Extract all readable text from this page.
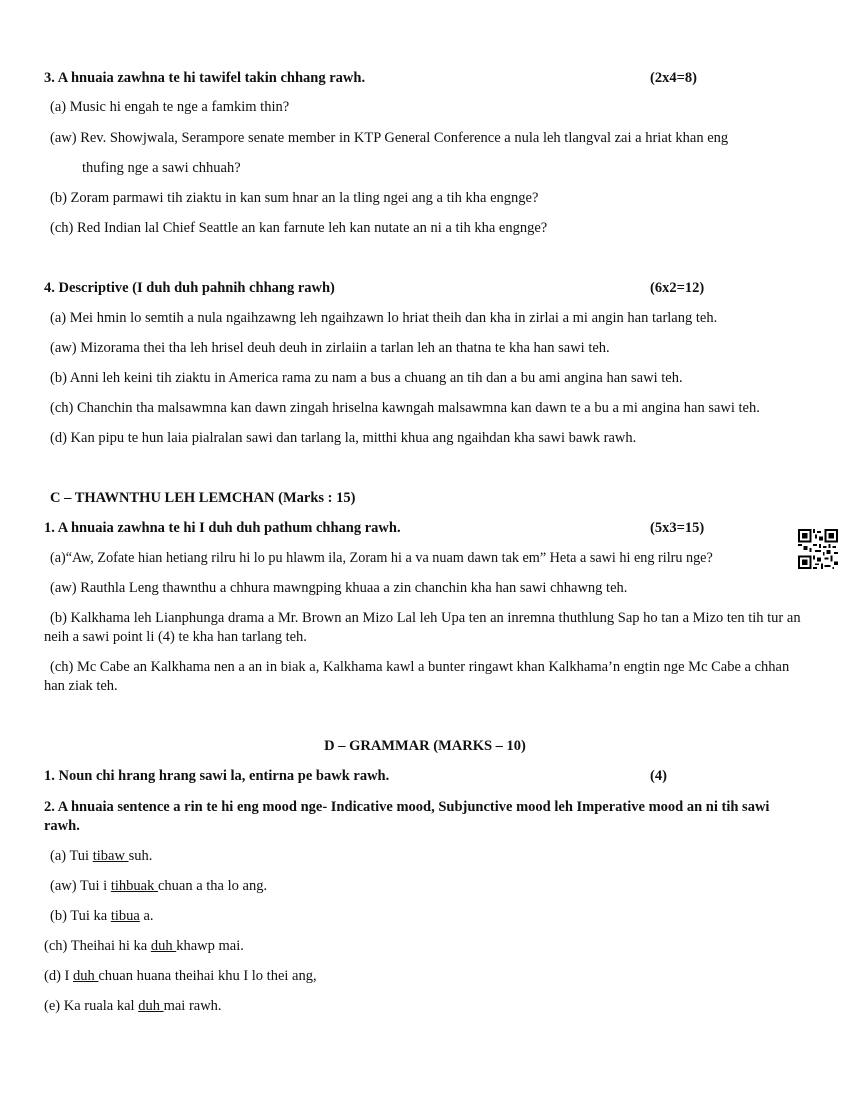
3. A hnuaia zawhna te hi tawifel takin chhang rawh.	(2x4=8)
(a) Music hi engah te nge a famkim thin?
(aw) Rev. Showjwala, Serampore senate member in KTP General Conference a nula leh tlangval zai a hriat khan eng
thufing nge a sawi chhuah?
(b) Zoram parmawi tih ziaktu in kan sum hnar an la tling ngei ang a tih kha engnge?
(ch) Red Indian lal Chief Seattle an kan farnute leh kan nutate an ni a tih kha engnge?
4. Descriptive (I duh duh pahnih chhang rawh)	(6x2=12)
(a) Mei hmin lo semtih a nula ngaihzawng leh ngaihzawn lo hriat theih dan kha in zirlai a mi angin han tarlang teh.
(aw) Mizorama thei tha leh hrisel deuh deuh in zirlaiin a tarlan leh an thatna te kha han sawi teh.
(b) Anni leh keini tih ziaktu in America rama zu nam a bus a chuang an tih dan a bu ami angina han sawi teh.
(ch) Chanchin tha malsawmna kan dawn zingah hriselna kawngah malsawmna kan dawn te a bu a mi angina han sawi teh.
(d) Kan pipu te hun laia pialralan sawi dan tarlang la, mitthi khua ang ngaihdan kha sawi bawk rawh.
C – THAWNTHU LEH LEMCHAN (Marks : 15)
1. A hnuaia zawhna te hi I duh duh pathum chhang rawh.	(5x3=15)
(a)“Aw, Zofate hian hetiang rilru hi lo pu hlawm ila, Zoram hi a va nuam dawn tak em” Heta a sawi hi eng rilru nge?
(aw) Rauthla Leng thawnthu a chhura mawngping khuaa a zin chanchin kha han sawi chhawng teh.
(b) Kalkhama leh Lianphunga drama a Mr. Brown an Mizo Lal leh Upa ten an inremna thuthlung Sap ho tan a Mizo ten tih tur an neih a sawi point li (4) te kha han tarlang teh.
(ch) Mc Cabe an Kalkhama nen a an in biak a, Kalkhama kawl a bunter ringawt khan Kalkhama’n engtin nge Mc Cabe a chhan han ziak teh.
D – GRAMMAR (MARKS – 10)
1. Noun chi hrang hrang sawi la, entirna pe bawk rawh.	(4)
2. A hnuaia sentence a rin te hi eng mood nge- Indicative mood, Subjunctive mood leh Imperative mood an ni tih sawi rawh.
(a) Tui tibaw suh.
(aw) Tui i tihbuak chuan a tha lo ang.
(b) Tui ka tibua a.
(ch) Theihai hi ka duh khawp mai.
(d) I duh chuan huana theihai khu I lo thei ang,
(e) Ka ruala kal duh mai rawh.
